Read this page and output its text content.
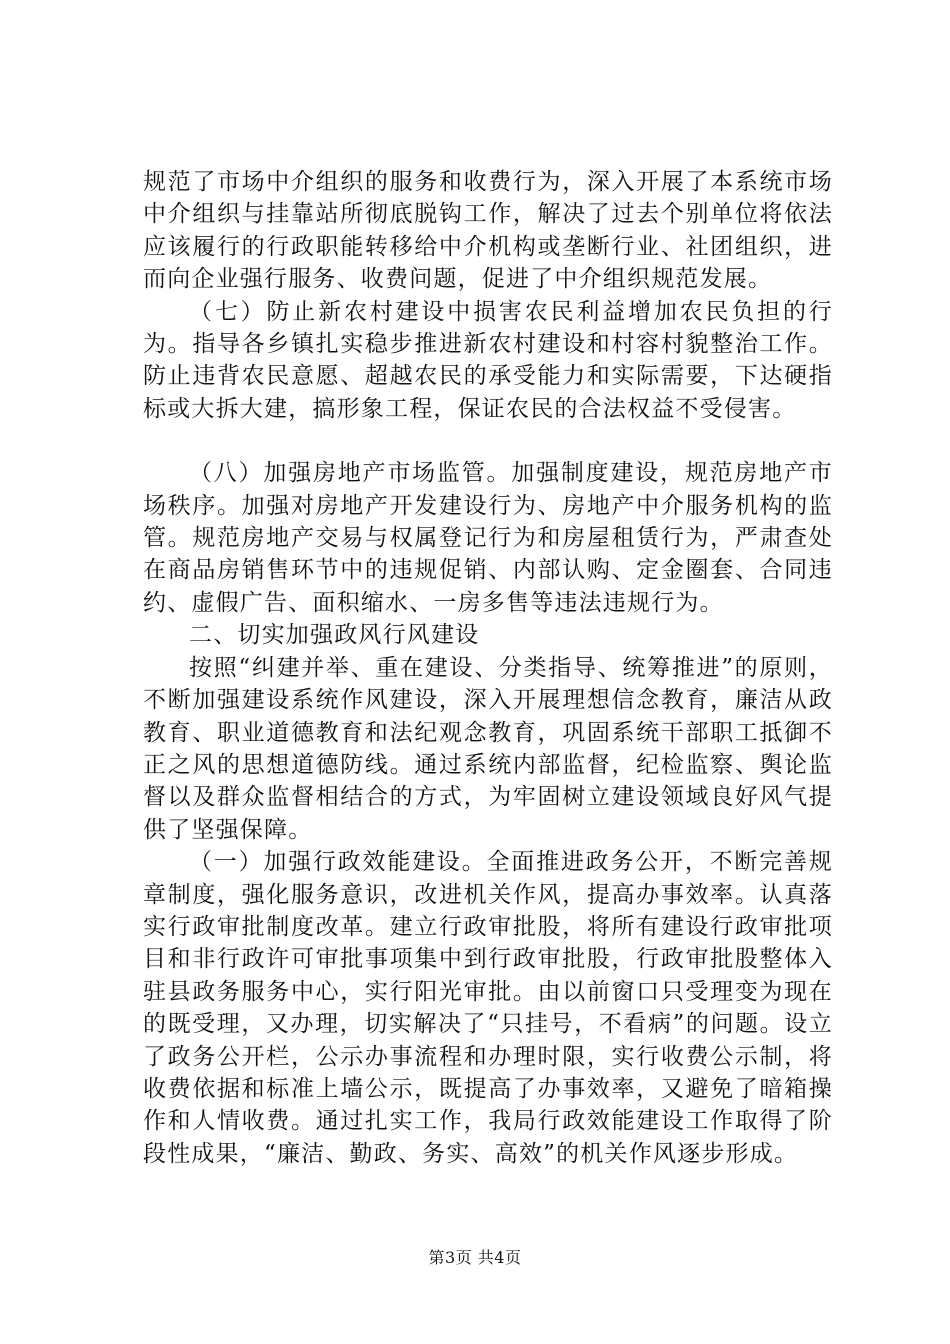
规范了市场中介组织的服务和收费行为，深入开展了本系统市场中介组织与挂靠站所彻底脱钩工作，解决了过去个别单位将依法应该履行的行政职能转移给中介机构或垄断行业、社团组织，进而向企业强行服务、收费问题，促进了中介组织规范发展。

（七）防止新农村建设中损害农民利益增加农民负担的行为。指导各乡镇扎实稳步推进新农村建设和村容村貌整治工作。防止违背农民意愿、超越农民的承受能力和实际需要，下达硬指标或大拆大建，搞形象工程，保证农民的合法权益不受侵害。

（八）加强房地产市场监管。加强制度建设，规范房地产市场秩序。加强对房地产开发建设行为、房地产中介服务机构的监管。规范房地产交易与权属登记行为和房屋租赁行为，严肃查处在商品房销售环节中的违规促销、内部认购、定金圈套、合同违约、虚假广告、面积缩水、一房多售等违法违规行为。

二、切实加强政风行风建设

按照“纠建并举、重在建设、分类指导、统筹推进”的原则，不断加强建设系统作风建设，深入开展理想信念教育，廉洁从政教育、职业道德教育和法纪观念教育，巩固系统干部职工抵御不正之风的思想道德防线。通过系统内部监督，纪检监察、舆论监督以及群众监督相结合的方式，为牢固树立建设领域良好风气提供了坚强保障。

（一）加强行政效能建设。全面推进政务公开，不断完善规章制度，强化服务意识，改进机关作风，提高办事效率。认真落实行政审批制度改革。建立行政审批股，将所有建设行政审批项目和非行政许可审批事项集中到行政审批股，行政审批股整体入驻县政务服务中心，实行阳光审批。由以前窗口只受理变为现在的既受理，又办理，切实解决了“只挂号，不看病”的问题。设立了政务公开栏，公示办事流程和办理时限，实行收费公示制，将收费依据和标准上墙公示，既提高了办事效率，又避免了暗箱操作和人情收费。通过扎实工作，我局行政效能建设工作取得了阶段性成果，“廉洁、勤政、务实、高效”的机关作风逐步形成。

第3页 共4页
